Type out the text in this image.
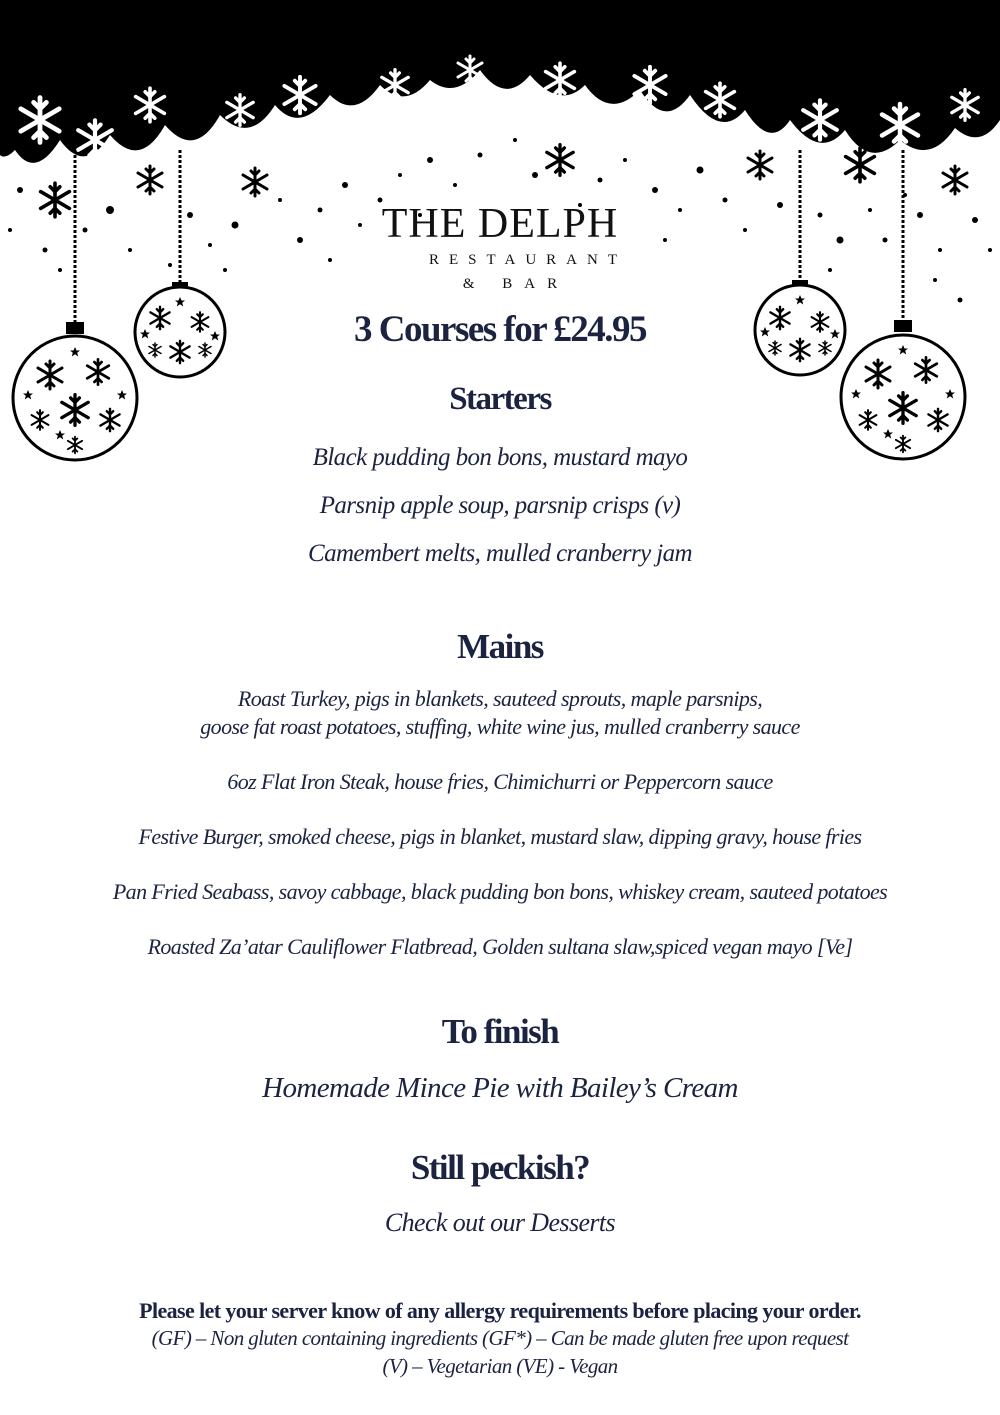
THE DELPH
RESTAURANT
& BAR
3 Courses for £24.95
Starters
Black pudding bon bons, mustard mayo
Parsnip apple soup, parsnip crisps (v)
Camembert melts, mulled cranberry jam
Mains
Roast Turkey, pigs in blankets, sauteed sprouts, maple parsnips,
goose fat roast potatoes, stuffing, white wine jus, mulled cranberry sauce
6oz Flat Iron Steak, house fries, Chimichurri or Peppercorn sauce
Festive Burger, smoked cheese, pigs in blanket, mustard slaw, dipping gravy, house fries
Pan Fried Seabass, savoy cabbage, black pudding bon bons, whiskey cream, sauteed potatoes
Roasted Za’atar Cauliflower Flatbread, Golden sultana slaw,spiced vegan mayo [Ve]
To finish
Homemade Mince Pie with Bailey’s Cream
Still peckish?
Check out our Desserts
Please let your server know of any allergy requirements before placing your order.
(GF) – Non gluten containing ingredients (GF*) – Can be made gluten free upon request
(V) – Vegetarian (VE) - Vegan
